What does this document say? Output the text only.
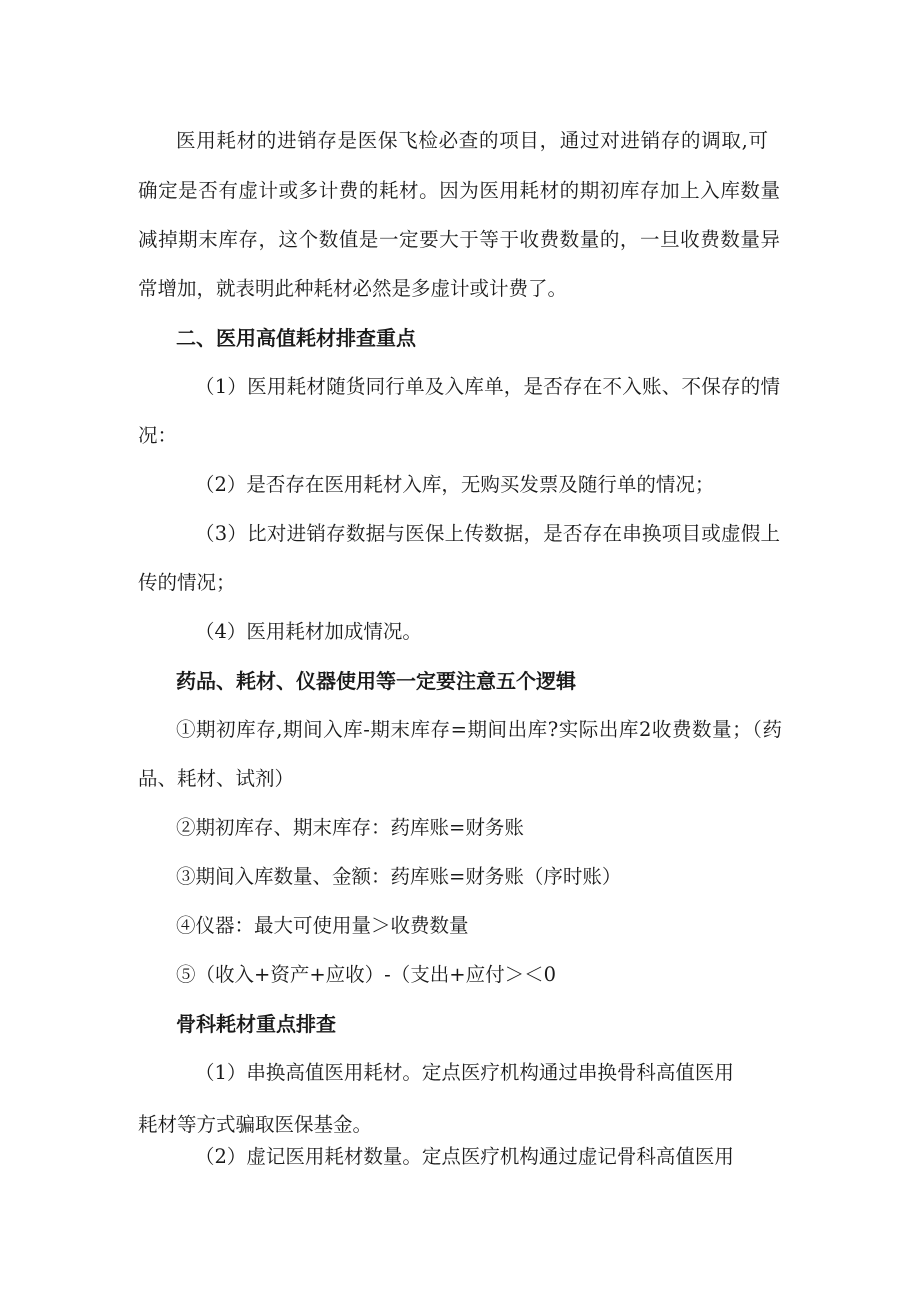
医用耗材的进销存是医保飞检必查的项目，通过对进销存的调取,可
确定是否有虚计或多计费的耗材。因为医用耗材的期初库存加上入库数量
减掉期末库存，这个数值是一定要大于等于收费数量的，一旦收费数量异
常增加，就表明此种耗材必然是多虚计或计费了。
二、医用高值耗材排查重点
（1）医用耗材随货同行单及入库单，是否存在不入账、不保存的情
况：
（2）是否存在医用耗材入库，无购买发票及随行单的情况；
（3）比对进销存数据与医保上传数据，是否存在串换项目或虚假上
传的情况；
（4）医用耗材加成情况。
药品、耗材、仪器使用等一定要注意五个逻辑
①期初库存,期间入库-期末库存=期间出库?实际出库2收费数量；（药
品、耗材、试剂）
②期初库存、期末库存：药库账=财务账
③期间入库数量、金额：药库账=财务账（序时账）
④仪器：最大可使用量＞收费数量
⑤（收入+资产+应收）-（支出+应付＞＜0
骨科耗材重点排查
（1）串换高值医用耗材。定点医疗机构通过串换骨科高值医用
耗材等方式骗取医保基金。
（2）虚记医用耗材数量。定点医疗机构通过虚记骨科高值医用
